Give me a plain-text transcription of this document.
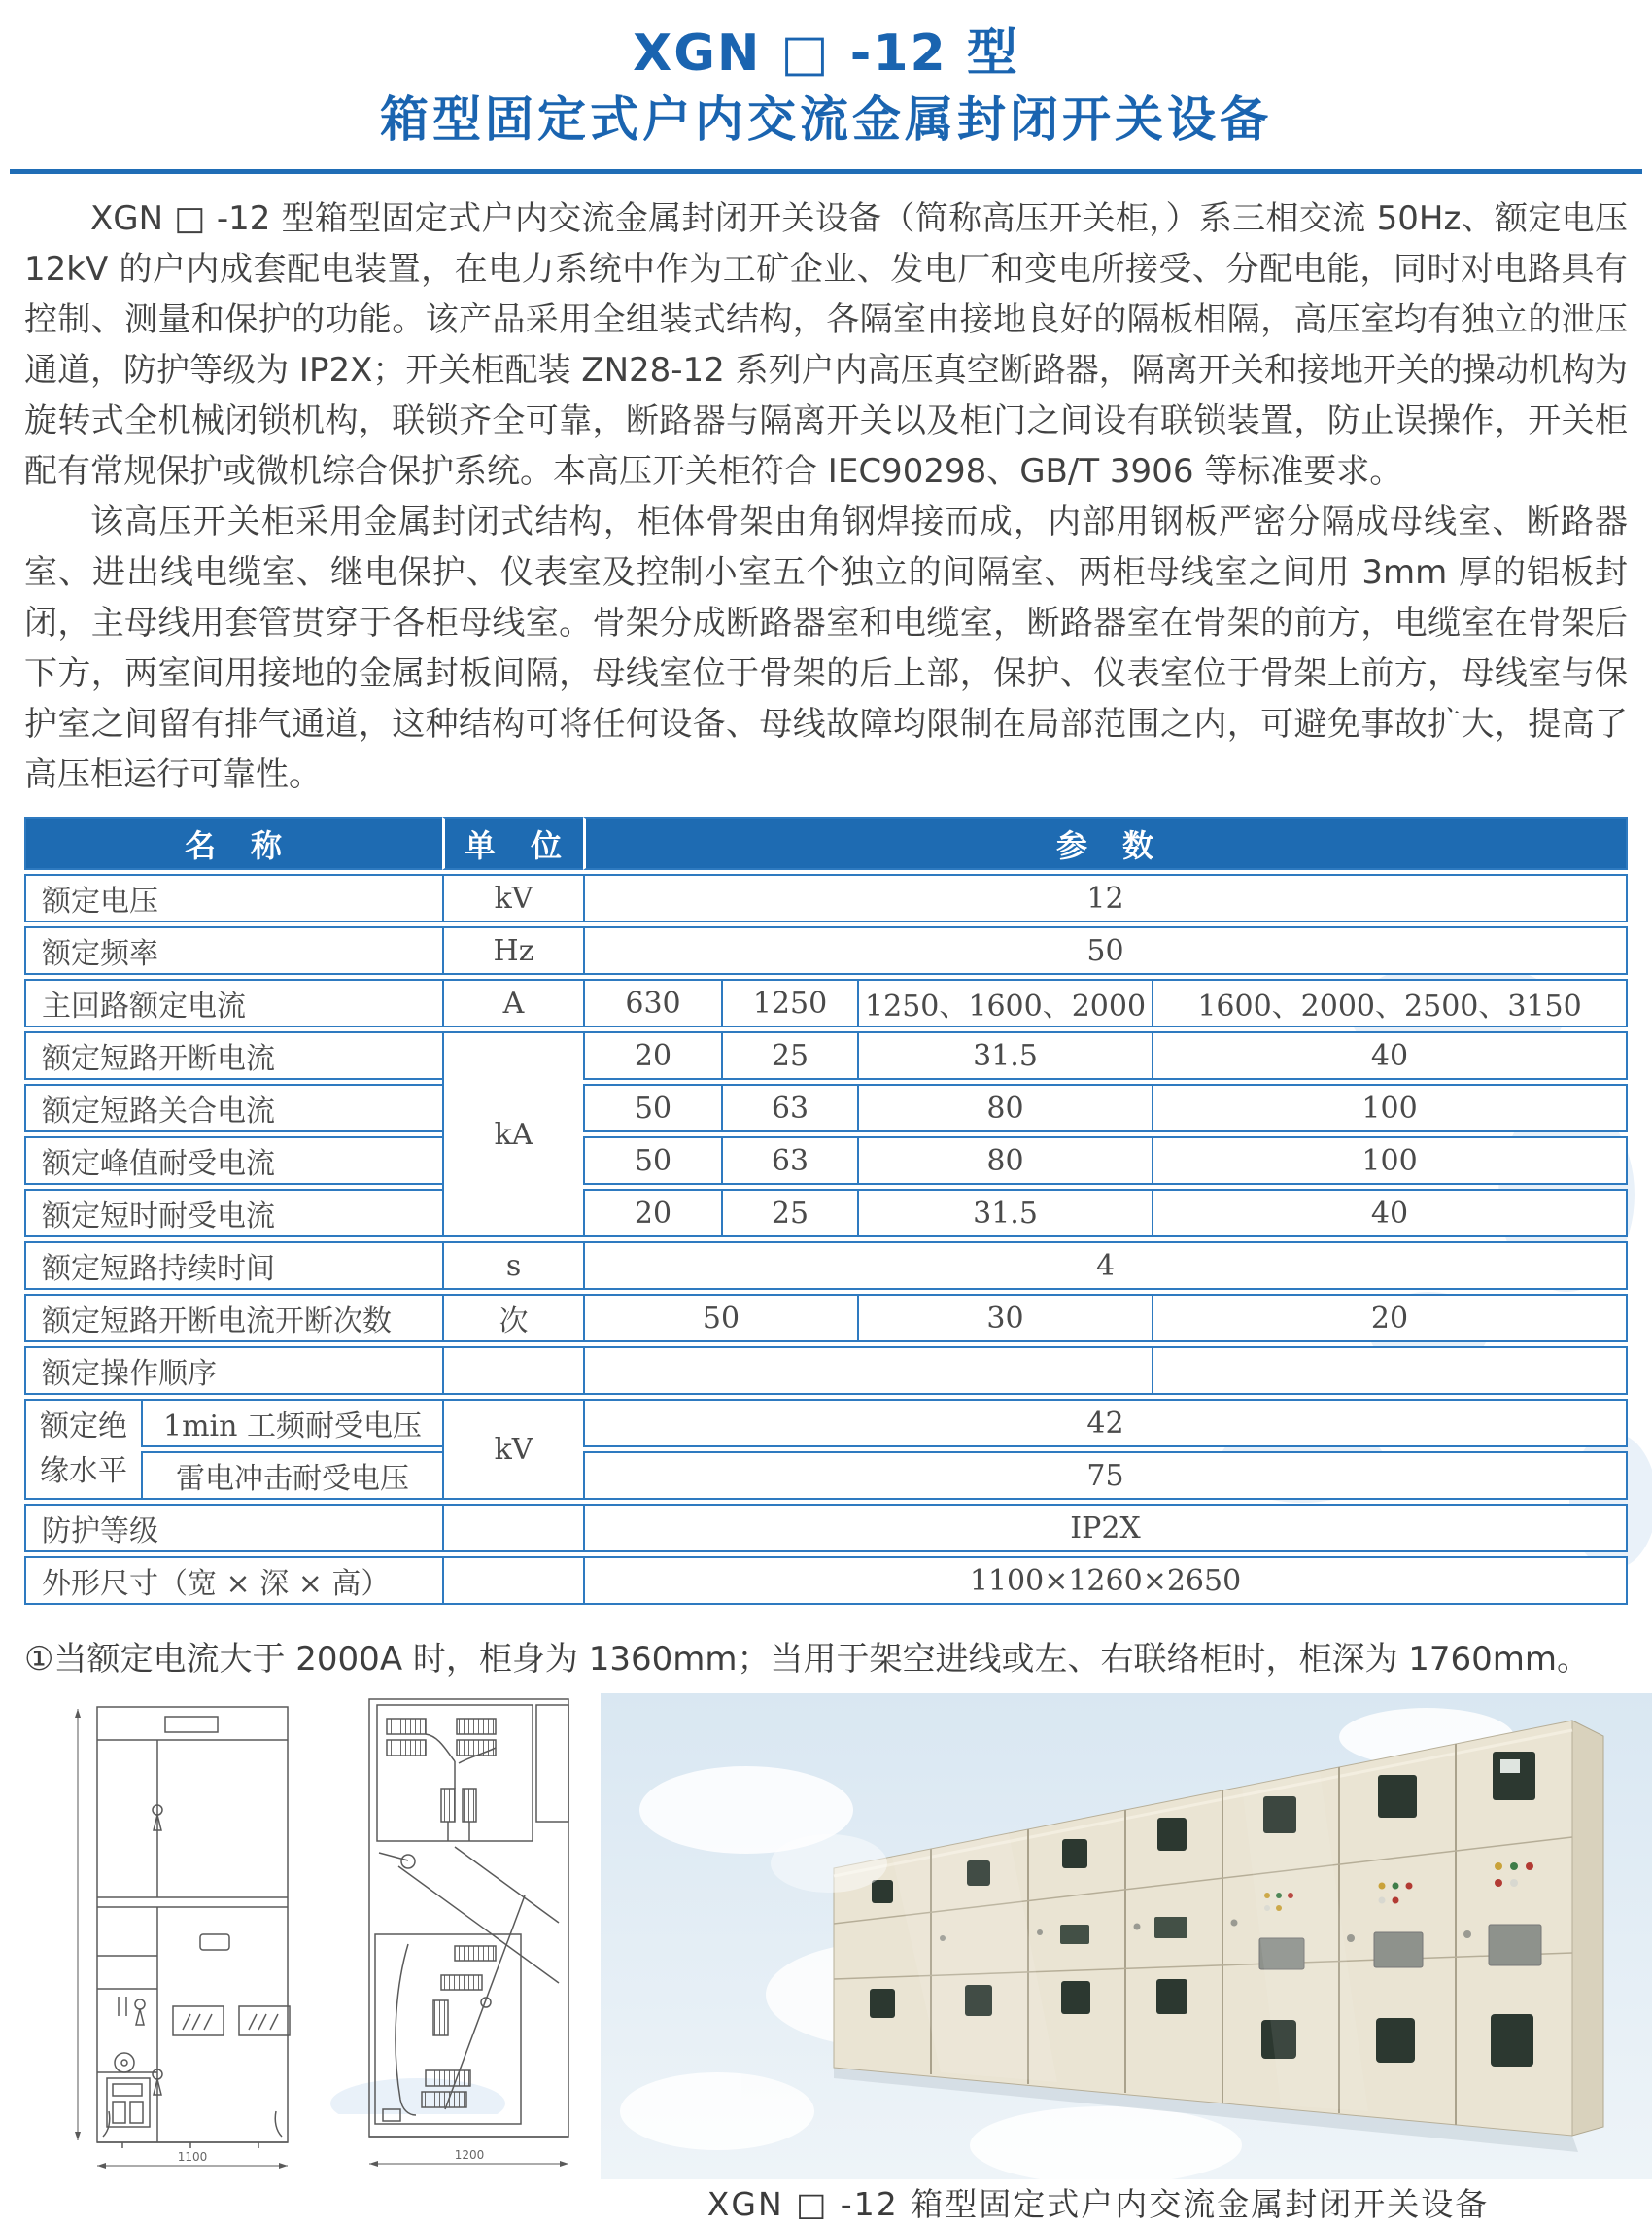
XGN □ -12 型
箱型固定式户内交流金属封闭开关设备

XGN □ -12 型箱型固定式户内交流金属封闭开关设备（简称高压开关柜，）系三相交流 50Hz、额定电压 12kV 的户内成套配电装置，在电力系统中作为工矿企业、发电厂和变电所接受、分配电能，同时对电路具有控制、测量和保护的功能。该产品采用全组装式结构，各隔室由接地良好的隔板相隔，高压室均有独立的泄压通道，防护等级为 IP2X；开关柜配装 ZN28-12 系列户内高压真空断路器，隔离开关和接地开关的操动机构为旋转式全机械闭锁机构，联锁齐全可靠，断路器与隔离开关以及柜门之间设有联锁装置，防止误操作，开关柜配有常规保护或微机综合保护系统。本高压开关柜符合 IEC90298、GB/T 3906 等标准要求。

该高压开关柜采用金属封闭式结构，柜体骨架由角钢焊接而成，内部用钢板严密分隔成母线室、断路器室、进出线电缆室、继电保护、仪表室及控制小室五个独立的间隔室、两柜母线室之间用 3mm 厚的铝板封闭，主母线用套管贯穿于各柜母线室。骨架分成断路器室和电缆室，断路器室在骨架的前方，电缆室在骨架后下方，两室间用接地的金属封板间隔，母线室位于骨架的后上部，保护、仪表室位于骨架上前方，母线室与保护室之间留有排气通道，这种结构可将任何设备、母线故障均限制在局部范围之内，可避免事故扩大，提高了高压柜运行可靠性。

名　称		单　位	参　数			
额定电压		kV	12			
额定频率		Hz	50			
主回路额定电流		A	630	1250	1250、1600、2000	1600、2000、2500、3150
额定短路开断电流		kA	20	25	31.5	40
额定短路关合电流			50	63	80	100
额定峰值耐受电流			50	63	80	100
额定短时耐受电流			20	25	31.5	40
额定短路持续时间		s	4			
额定短路开断电流开断次数		次	50		30	20
额定操作顺序						
额定绝缘水平	1min 工频耐受电压	kV	42			
	雷电冲击耐受电压		75			
防护等级			IP2X			
外形尺寸（宽 × 深 × 高）			1100×1260×2650			
①当额定电流大于 2000A 时，柜身为 1360mm；当用于架空进线或左、右联络柜时，柜深为 1760mm。
1100	1200
XGN □ -12 箱型固定式户内交流金属封闭开关设备
